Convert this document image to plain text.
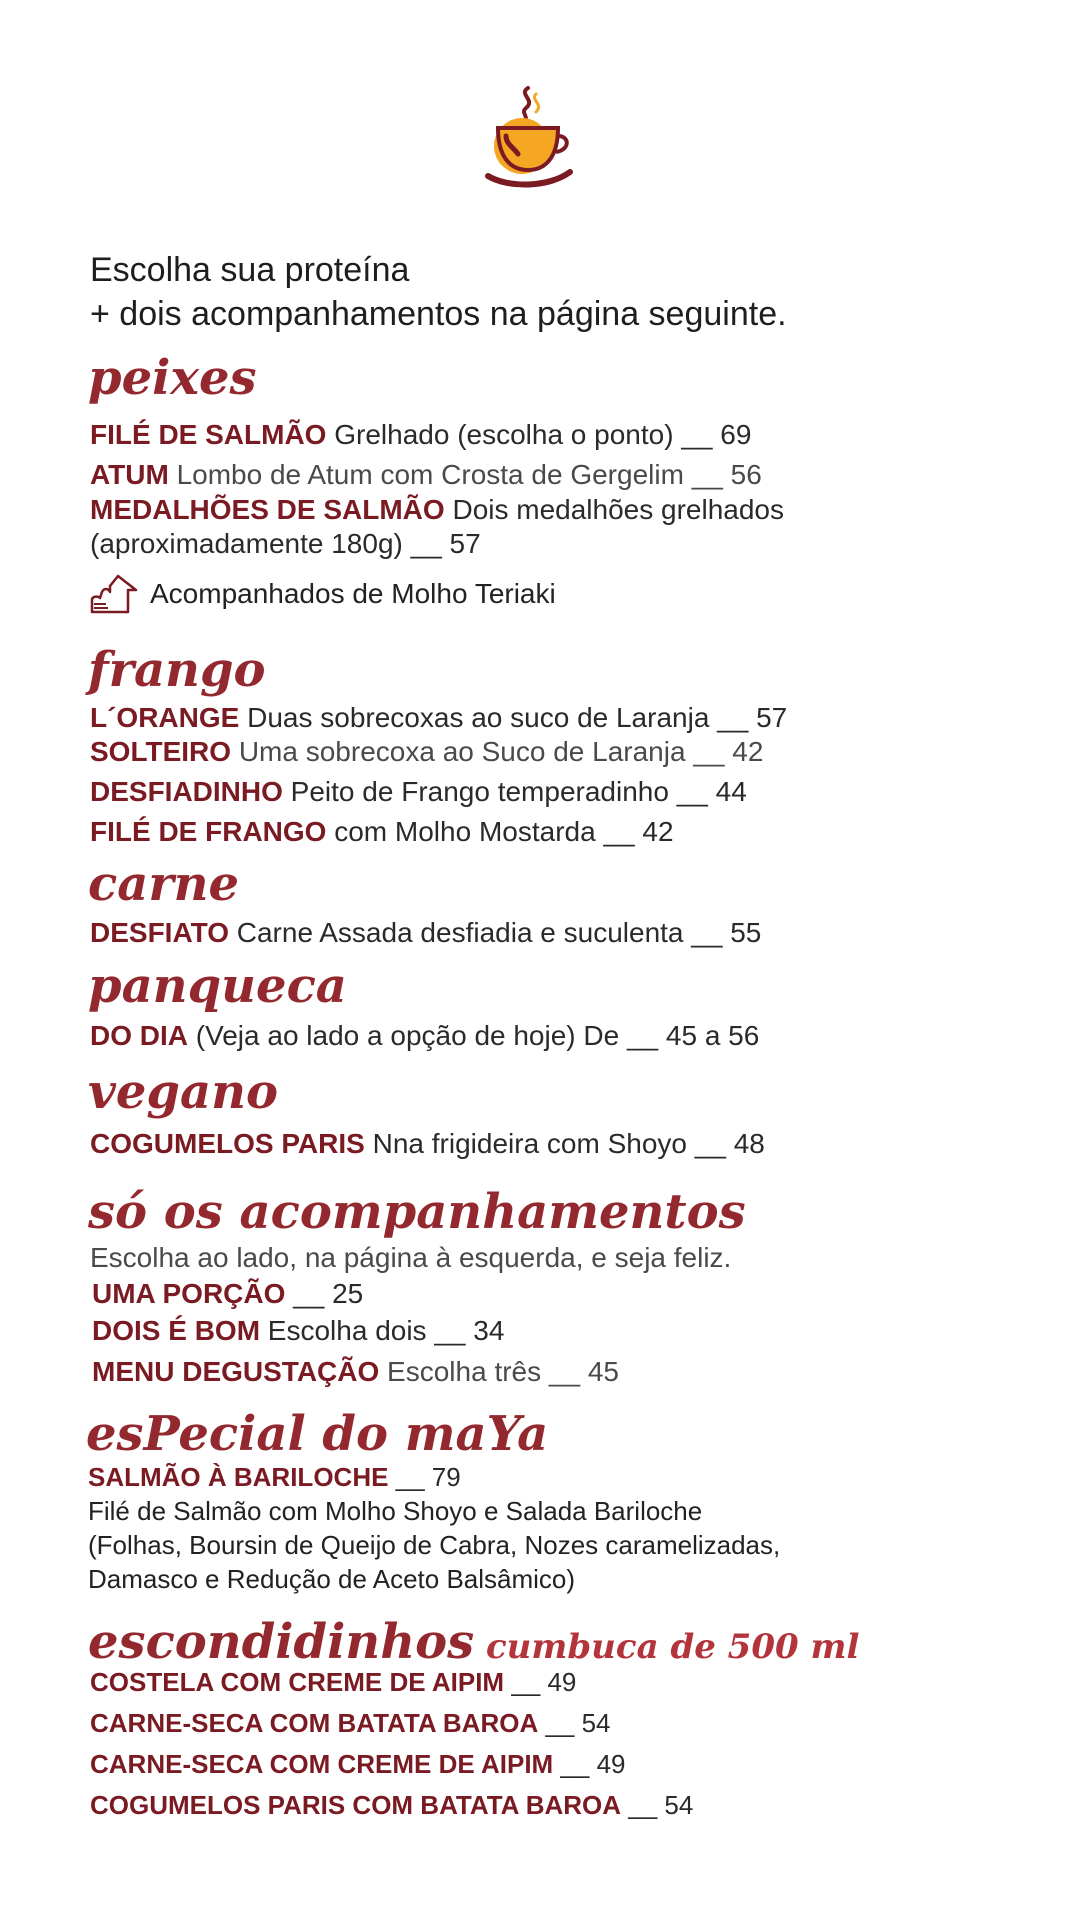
Escolha sua proteína
+ dois acompanhamentos na página seguinte.

peixes

FILÉ DE SALMÃO Grelhado (escolha o ponto) __ 69

ATUM Lombo de Atum com Crosta de Gergelim __ 56

MEDALHÕES DE SALMÃO Dois medalhões grelhados (aproximadamente 180g) __ 57

Acompanhados de Molho Teriaki
frango

L´ORANGE Duas sobrecoxas ao suco de Laranja __ 57

SOLTEIRO Uma sobrecoxa ao Suco de Laranja __ 42

DESFIADINHO Peito de Frango temperadinho __ 44

FILÉ DE FRANGO com Molho Mostarda __ 42

carne

DESFIATO Carne Assada desfiadia e suculenta __ 55

panqueca

DO DIA (Veja ao lado a opção de hoje) De __ 45 a 56

vegano

COGUMELOS PARIS Nna frigideira com Shoyo __ 48

só os acompanhamentos

Escolha ao lado, na página à esquerda, e seja feliz.

UMA PORÇÃO __ 25

DOIS É BOM Escolha dois __ 34

MENU DEGUSTAÇÃO Escolha três __ 45

esPecial do maYa

SALMÃO À BARILOCHE __ 79

Filé de Salmão com Molho Shoyo e Salada Bariloche
(Folhas, Boursin de Queijo de Cabra, Nozes caramelizadas,
Damasco e Redução de Aceto Balsâmico)

escondidinhos cumbuca de 500 ml

COSTELA COM CREME DE AIPIM __ 49

CARNE-SECA COM BATATA BAROA __ 54

CARNE-SECA COM CREME DE AIPIM __ 49

COGUMELOS PARIS COM BATATA BAROA __ 54
